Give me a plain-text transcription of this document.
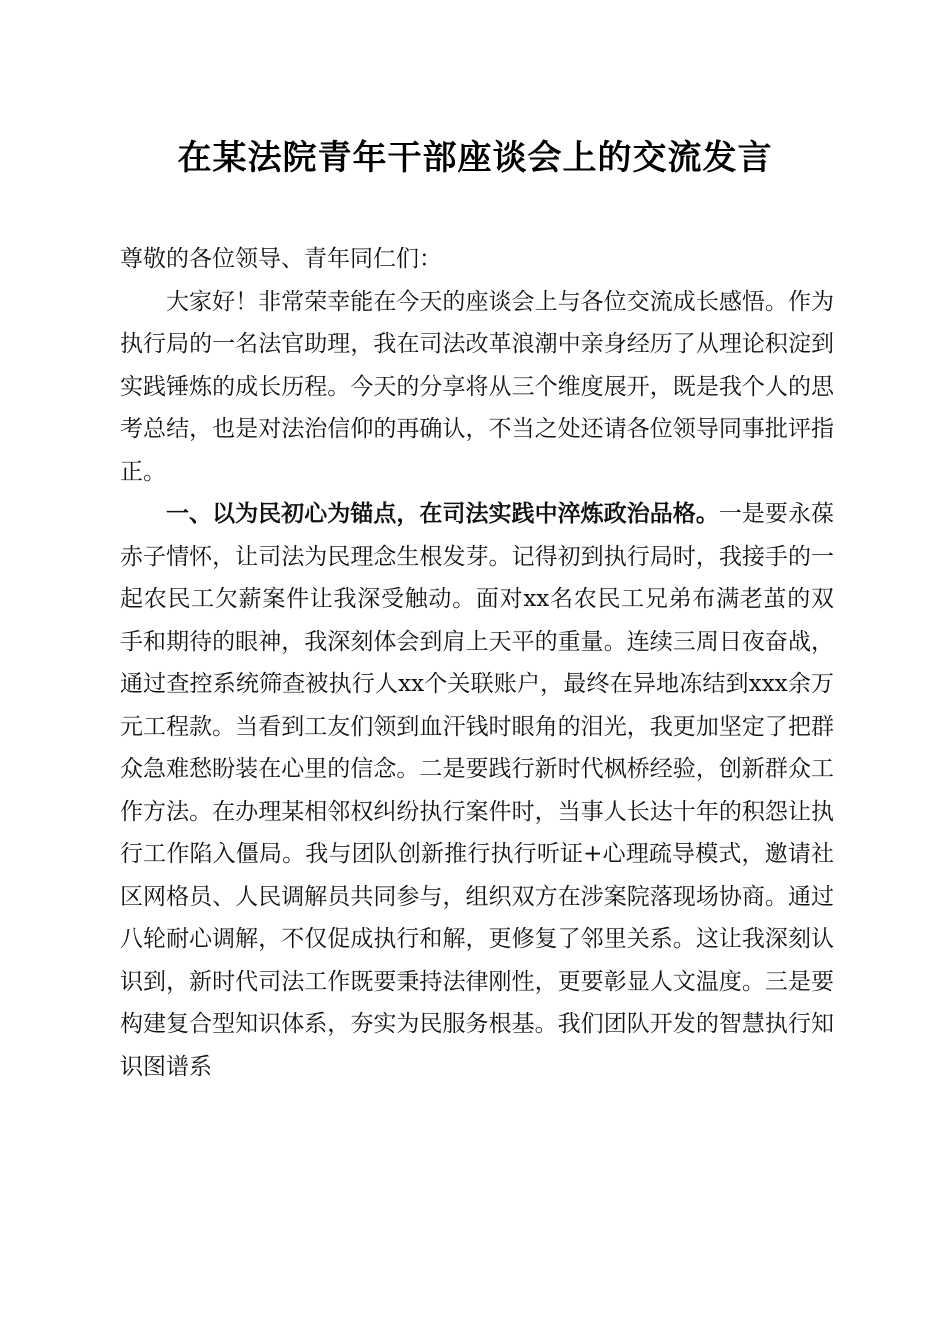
在某法院青年干部座谈会上的交流发言

尊敬的各位领导、青年同仁们：

大家好！非常荣幸能在今天的座谈会上与各位交流成长感悟。作为执行局的一名法官助理，我在司法改革浪潮中亲身经历了从理论积淀到实践锤炼的成长历程。今天的分享将从三个维度展开，既是我个人的思考总结，也是对法治信仰的再确认，不当之处还请各位领导同事批评指正。

一、以为民初心为锚点，在司法实践中淬炼政治品格。一是要永葆赤子情怀，让司法为民理念生根发芽。记得初到执行局时，我接手的一起农民工欠薪案件让我深受触动。面对xx名农民工兄弟布满老茧的双手和期待的眼神，我深刻体会到肩上天平的重量。连续三周日夜奋战，通过查控系统筛查被执行人xx个关联账户，最终在异地冻结到xxx余万元工程款。当看到工友们领到血汗钱时眼角的泪光，我更加坚定了把群众急难愁盼装在心里的信念。二是要践行新时代枫桥经验，创新群众工作方法。在办理某相邻权纠纷执行案件时，当事人长达十年的积怨让执行工作陷入僵局。我与团队创新推行执行听证+心理疏导模式，邀请社区网格员、人民调解员共同参与，组织双方在涉案院落现场协商。通过八轮耐心调解，不仅促成执行和解，更修复了邻里关系。这让我深刻认识到，新时代司法工作既要秉持法律刚性，更要彰显人文温度。三是要构建复合型知识体系，夯实为民服务根基。我们团队开发的智慧执行知识图谱系
